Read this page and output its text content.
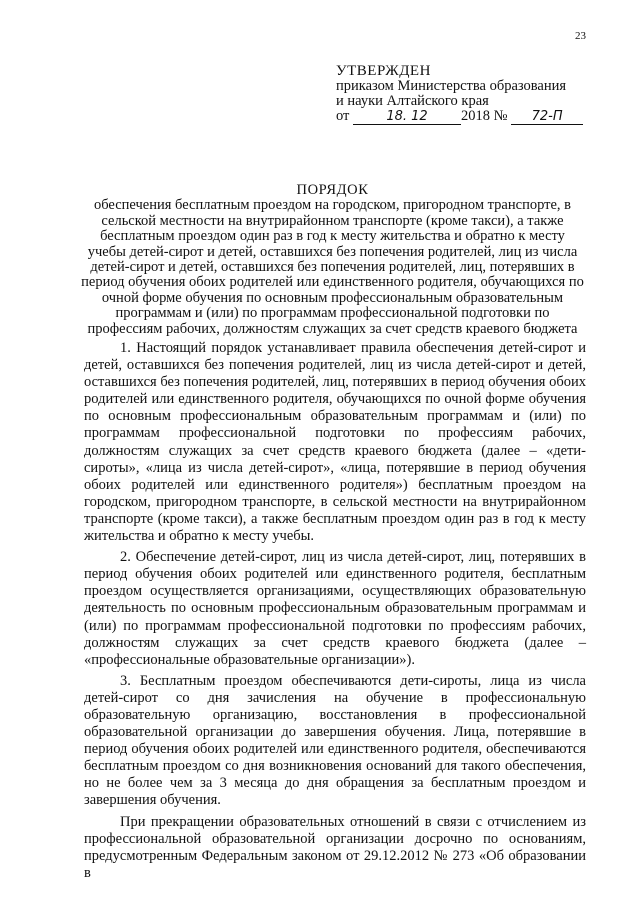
23
УТВЕРЖДЕН
приказом Министерства образования
и науки Алтайского края
от	18. 12 2018 № 72-П
ПОРЯДОК
обеспечения бесплатным проездом на городском, пригородном транспорте, в сельской местности на внутрирайонном транспорте (кроме такси), а также бесплатным проездом один раз в год к месту жительства и обратно к месту учебы детей-сирот и детей, оставшихся без попечения родителей, лиц из числа детей-сирот и детей, оставшихся без попечения родителей, лиц, потерявших в период обучения обоих родителей или единственного родителя, обучающихся по очной форме обучения по основным профессиональным образовательным программам и (или) по программам профессиональной подготовки по профессиям рабочих, должностям служащих за счет средств краевого бюджета

1. Настоящий порядок устанавливает правила обеспечения детей-сирот и детей, оставшихся без попечения родителей, лиц из числа детей-сирот и детей, оставшихся без попечения родителей, лиц, потерявших в период обучения обоих родителей или единственного родителя, обучающихся по очной форме обучения по основным профессиональным образовательным программам и (или) по программам профессиональной подготовки по профессиям рабочих, должностям служащих за счет средств краевого бюджета (далее – «дети-сироты», «лица из числа детей-сирот», «лица, потерявшие в период обучения обоих родителей или единственного родителя») бесплатным проездом на городском, пригородном транспорте, в сельской местности на внутрирайонном транспорте (кроме такси), а также бесплатным проездом один раз в год к месту жительства и обратно к месту учебы.

2. Обеспечение детей-сирот, лиц из числа детей-сирот, лиц, потерявших в период обучения обоих родителей или единственного родителя, бесплатным проездом осуществляется организациями, осуществляющих образовательную деятельность по основным профессиональным образовательным программам и (или) по программам профессиональной подготовки по профессиям рабочих, должностям служащих за счет средств краевого бюджета (далее – «профессиональные образовательные организации»).

3. Бесплатным проездом обеспечиваются дети-сироты, лица из числа детей-сирот со дня зачисления на обучение в профессиональную образовательную организацию, восстановления в профессиональной образовательной организации до завершения обучения. Лица, потерявшие в период обучения обоих родителей или единственного родителя, обеспечиваются бесплатным проездом со дня возникновения оснований для такого обеспечения, но не более чем за 3 месяца до дня обращения за бесплатным проездом и завершения обучения.

При прекращении образовательных отношений в связи с отчислением из профессиональной образовательной организации досрочно по основаниям, предусмотренным Федеральным законом от 29.12.2012 № 273 «Об образовании в
